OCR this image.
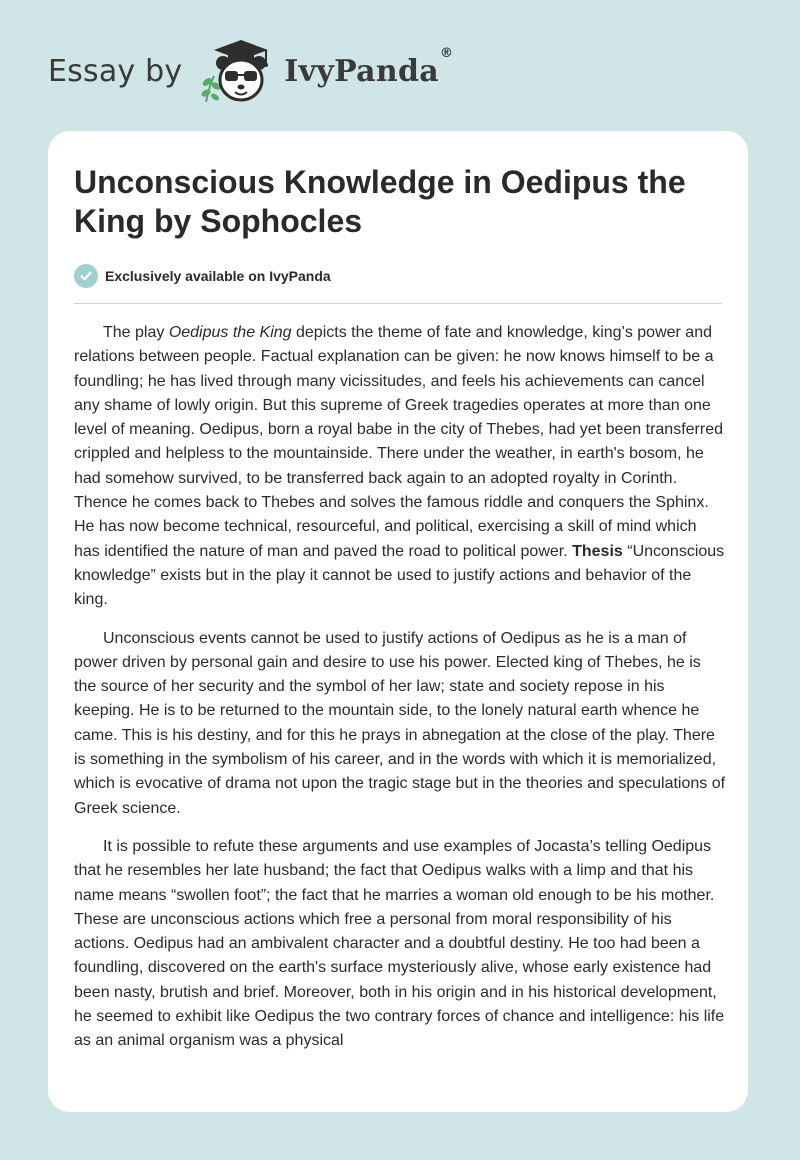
Essay by	IvyPanda®
Unconscious Knowledge in Oedipus the King by Sophocles
Exclusively available on IvyPanda

The play Oedipus the King depicts the theme of fate and knowledge, king’s power and relations between people. Factual explanation can be given: he now knows himself to be a foundling; he has lived through many vicissitudes, and feels his achievements can cancel any shame of lowly origin. But this supreme of Greek tragedies operates at more than one level of meaning. Oedipus, born a royal babe in the city of Thebes, had yet been transferred crippled and helpless to the mountainside. There under the weather, in earth's bosom, he had somehow survived, to be transferred back again to an adopted royalty in Corinth. Thence he comes back to Thebes and solves the famous riddle and conquers the Sphinx. He has now become technical, resourceful, and political, exercising a skill of mind which has identified the nature of man and paved the road to political power. Thesis “Unconscious knowledge” exists but in the play it cannot be used to justify actions and behavior of the king.

Unconscious events cannot be used to justify actions of Oedipus as he is a man of power driven by personal gain and desire to use his power. Elected king of Thebes, he is the source of her security and the symbol of her law; state and society repose in his keeping. He is to be returned to the mountain side, to the lonely natural earth whence he came. This is his destiny, and for this he prays in abnegation at the close of the play. There is something in the symbolism of his career, and in the words with which it is memorialized, which is evocative of drama not upon the tragic stage but in the theories and speculations of Greek science.

It is possible to refute these arguments and use examples of Jocasta’s telling Oedipus that he resembles her late husband; the fact that Oedipus walks with a limp and that his name means “swollen foot”; the fact that he marries a woman old enough to be his mother. These are unconscious actions which free a personal from moral responsibility of his actions. Oedipus had an ambivalent character and a doubtful destiny. He too had been a foundling, discovered on the earth's surface mysteriously alive, whose early existence had been nasty, brutish and brief. Moreover, both in his origin and in his historical development, he seemed to exhibit like Oedipus the two contrary forces of chance and intelligence: his life as an animal organism was a physical
